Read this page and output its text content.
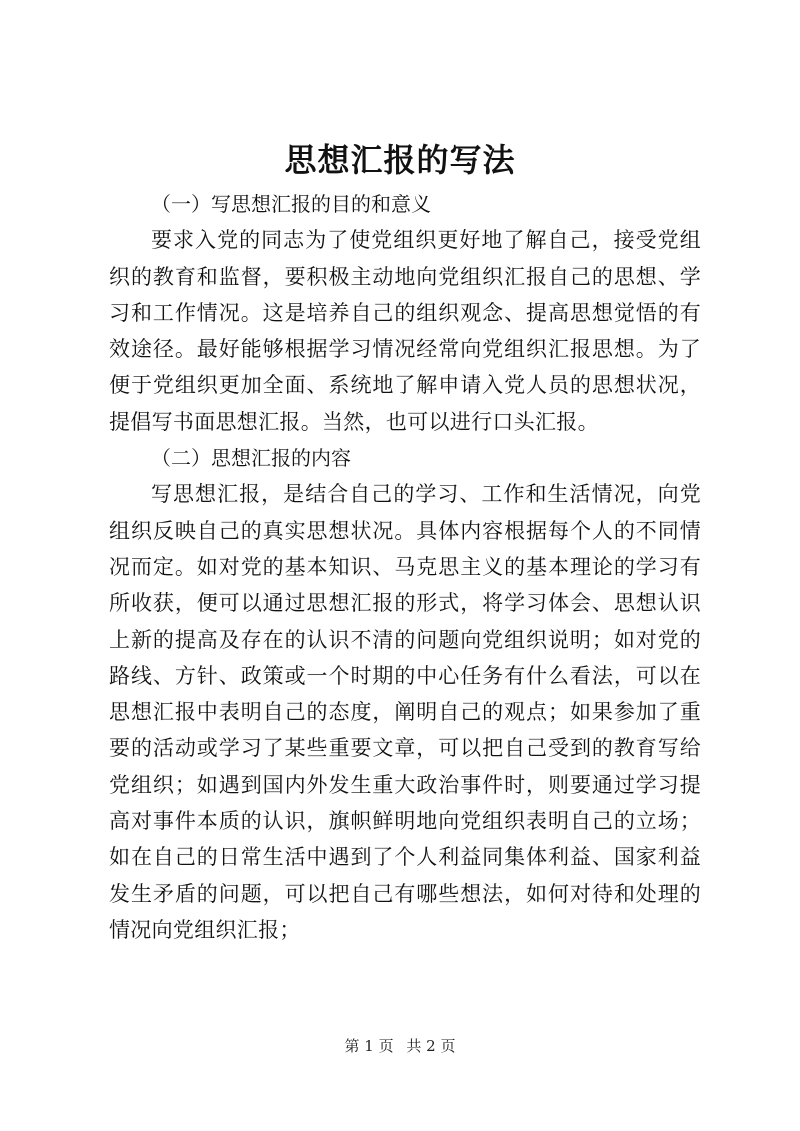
思想汇报的写法

（一）写思想汇报的目的和意义

要求入党的同志为了使党组织更好地了解自己，接受党组织的教育和监督，要积极主动地向党组织汇报自己的思想、学习和工作情况。这是培养自己的组织观念、提高思想觉悟的有效途径。最好能够根据学习情况经常向党组织汇报思想。为了便于党组织更加全面、系统地了解申请入党人员的思想状况，提倡写书面思想汇报。当然，也可以进行口头汇报。

（二）思想汇报的内容

写思想汇报，是结合自己的学习、工作和生活情况，向党组织反映自己的真实思想状况。具体内容根据每个人的不同情况而定。如对党的基本知识、马克思主义的基本理论的学习有所收获，便可以通过思想汇报的形式，将学习体会、思想认识上新的提高及存在的认识不清的问题向党组织说明；如对党的路线、方针、政策或一个时期的中心任务有什么看法，可以在思想汇报中表明自己的态度，阐明自己的观点；如果参加了重要的活动或学习了某些重要文章，可以把自己受到的教育写给党组织；如遇到国内外发生重大政治事件时，则要通过学习提高对事件本质的认识，旗帜鲜明地向党组织表明自己的立场；如在自己的日常生活中遇到了个人利益同集体利益、国家利益发生矛盾的问题，可以把自己有哪些想法，如何对待和处理的情况向党组织汇报；

第 1 页 共 2 页
